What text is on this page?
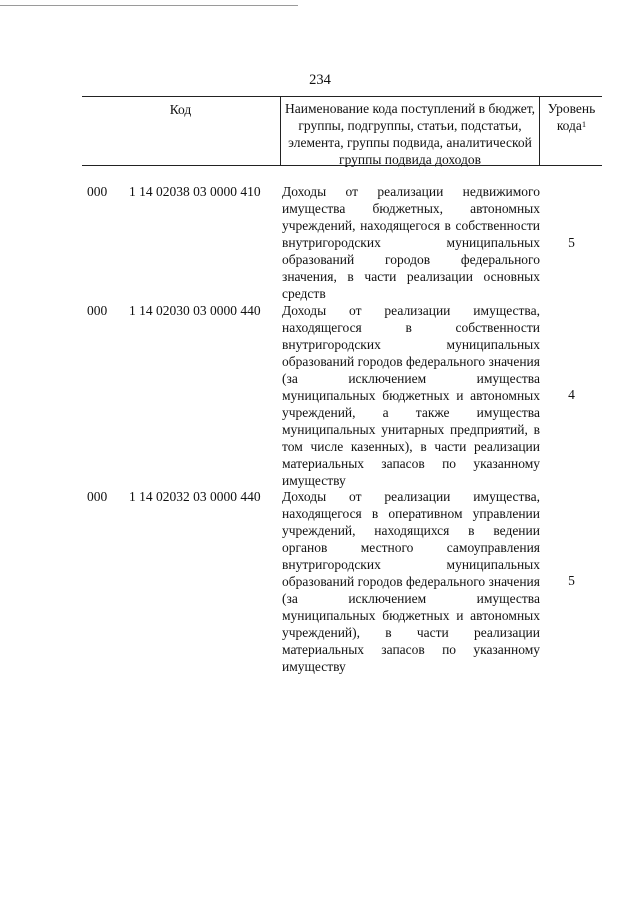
234
Код	Наименование кода поступлений в бюджет, группы, подгруппы, статьи, подстатьи, элемента, группы подвида, аналитической группы подвида доходов
Уровень кода$^1$
000 1 14 02038 03 0000 410 Доходы от реализации недвижимого имущества бюджетных, автономных учреждений, находящегося в собственности внутригородских муниципальных образований городов федерального значения, в части реализации основных средств
5
000 1 14 02030 03 0000 440 Доходы от реализации имущества, находящегося в собственности внутригородских муниципальных образований городов федерального значения (за исключением имущества муниципальных бюджетных и автономных учреждений, а также имущества муниципальных унитарных предприятий, в том числе казенных), в части реализации материальных запасов по указанному имуществу
4
000 1 14 02032 03 0000 440 Доходы от реализации имущества, находящегося в оперативном управлении учреждений, находящихся в ведении органов местного самоуправления внутригородских муниципальных образований городов федерального значения (за исключением имущества муниципальных бюджетных и автономных учреждений), в части реализации материальных запасов по указанному имуществу
5
